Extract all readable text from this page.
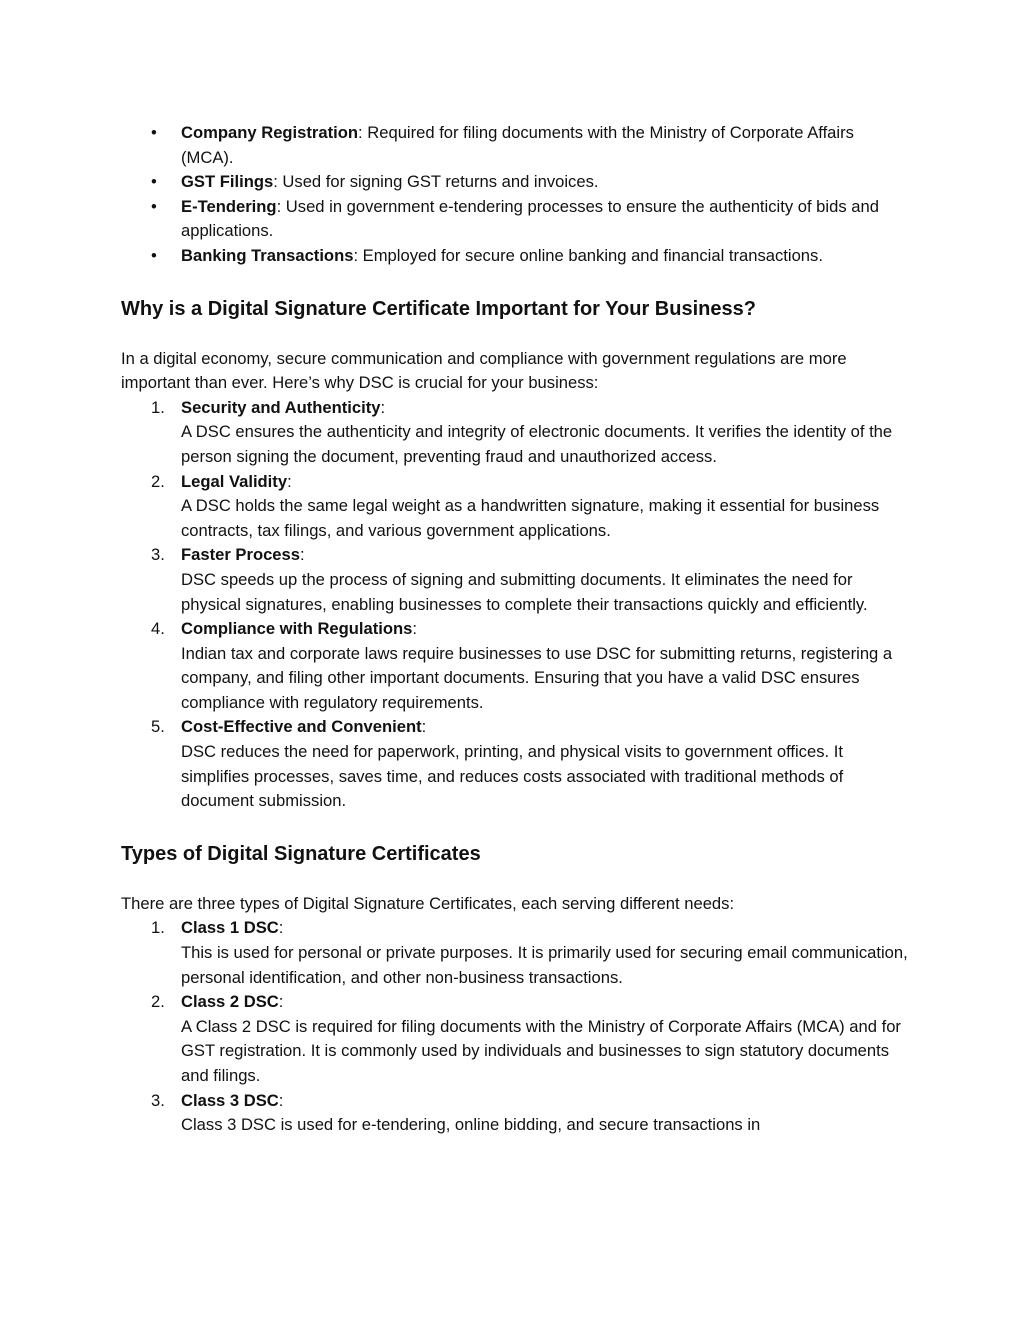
• Company Registration: Required for filing documents with the Ministry of Corporate Affairs (MCA).
• GST Filings: Used for signing GST returns and invoices.
• E-Tendering: Used in government e-tendering processes to ensure the authenticity of bids and applications.
• Banking Transactions: Employed for secure online banking and financial transactions.
Why is a Digital Signature Certificate Important for Your Business?

In a digital economy, secure communication and compliance with government regulations are more important than ever. Here’s why DSC is crucial for your business:

1. Security and Authenticity:
A DSC ensures the authenticity and integrity of electronic documents. It verifies the identity of the person signing the document, preventing fraud and unauthorized access.
2. Legal Validity:
A DSC holds the same legal weight as a handwritten signature, making it essential for business contracts, tax filings, and various government applications.
3. Faster Process:
DSC speeds up the process of signing and submitting documents. It eliminates the need for physical signatures, enabling businesses to complete their transactions quickly and efficiently.
4. Compliance with Regulations:
Indian tax and corporate laws require businesses to use DSC for submitting returns, registering a company, and filing other important documents. Ensuring that you have a valid DSC ensures compliance with regulatory requirements.
5. Cost-Effective and Convenient:
DSC reduces the need for paperwork, printing, and physical visits to government offices. It simplifies processes, saves time, and reduces costs associated with traditional methods of document submission.
Types of Digital Signature Certificates

There are three types of Digital Signature Certificates, each serving different needs:

1. Class 1 DSC:
This is used for personal or private purposes. It is primarily used for securing email communication, personal identification, and other non-business transactions.
2. Class 2 DSC:
A Class 2 DSC is required for filing documents with the Ministry of Corporate Affairs (MCA) and for GST registration. It is commonly used by individuals and businesses to sign statutory documents and filings.
3. Class 3 DSC:
Class 3 DSC is used for e-tendering, online bidding, and secure transactions in
